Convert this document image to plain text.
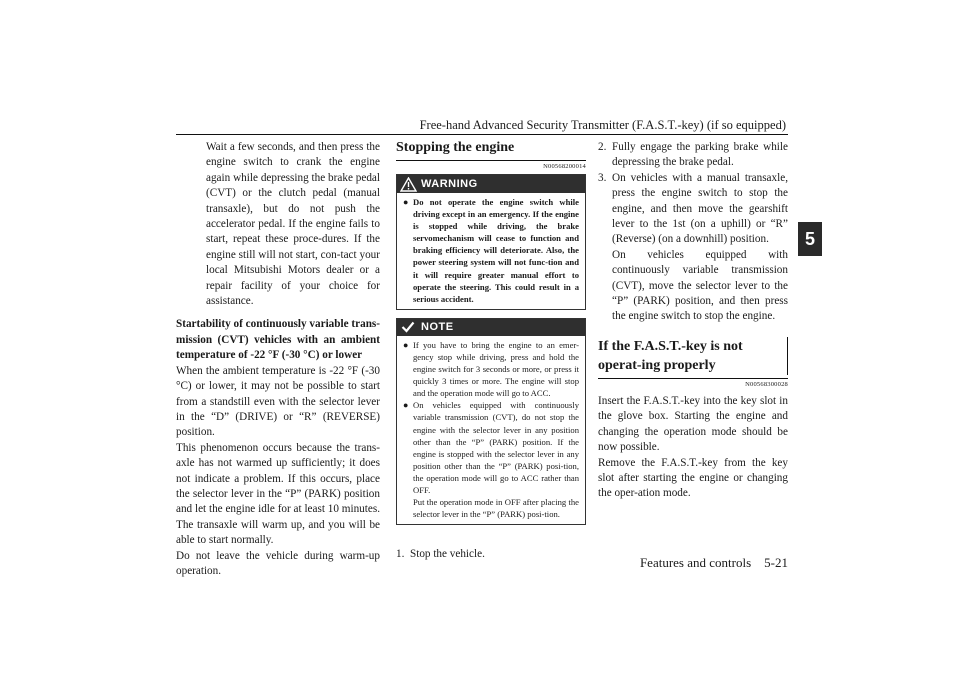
Free-hand Advanced Security Transmitter (F.A.S.T.-key) (if so equipped)
5
Wait a few seconds, and then press the engine switch to crank the engine again while depressing the brake pedal (CVT) or the clutch pedal (manual transaxle), but do not push the accelerator pedal. If the engine fails to start, repeat these proce-dures. If the engine still will not start, con-tact your local Mitsubishi Motors dealer or a repair facility of your choice for assistance.
Startability of continuously variable trans-mission (CVT) vehicles with an ambient temperature of -22 °F (-30 °C) or lower
When the ambient temperature is -22 °F (-30 °C) or lower, it may not be possible to start from a standstill even with the selector lever in the “D” (DRIVE) or “R” (REVERSE) position.
This phenomenon occurs because the trans-axle has not warmed up sufficiently; it does not indicate a problem. If this occurs, place the selector lever in the “P” (PARK) position and let the engine idle for at least 10 minutes. The transaxle will warm up, and you will be able to start normally.
Do not leave the vehicle during warm-up operation.
Stopping the engine
N00568200014
WARNING
● Do not operate the engine switch while driving except in an emergency. If the engine is stopped while driving, the brake servomechanism will cease to function and braking efficiency will deteriorate. Also, the power steering system will not func-tion and it will require greater manual effort to operate the steering. This could result in a serious accident.
NOTE
● If you have to bring the engine to an emer-gency stop while driving, press and hold the engine switch for 3 seconds or more, or press it quickly 3 times or more. The engine will stop and the operation mode will go to ACC.
● On vehicles equipped with continuously variable transmission (CVT), do not stop the engine with the selector lever in any position other than the “P” (PARK) position. If the engine is stopped with the selector lever in any position other than the “P” (PARK) posi-tion, the operation mode will go to ACC rather than OFF.
Put the operation mode in OFF after placing the selector lever in the “P” (PARK) posi-tion.
1. Stop the vehicle.
2. Fully engage the parking brake while depressing the brake pedal.
3. On vehicles with a manual transaxle, press the engine switch to stop the engine, and then move the gearshift lever to the 1st (on a uphill) or “R” (Reverse) (on a downhill) position.
On vehicles equipped with continuously variable transmission (CVT), move the selector lever to the “P” (PARK) position, and then press the engine switch to stop the engine.
If the F.A.S.T.-key is not operat-ing properly
N00568300028
Insert the F.A.S.T.-key into the key slot in the glove box. Starting the engine and changing the operation mode should be now possible.
Remove the F.A.S.T.-key from the key slot after starting the engine or changing the oper-ation mode.
Features and controls 5-21
